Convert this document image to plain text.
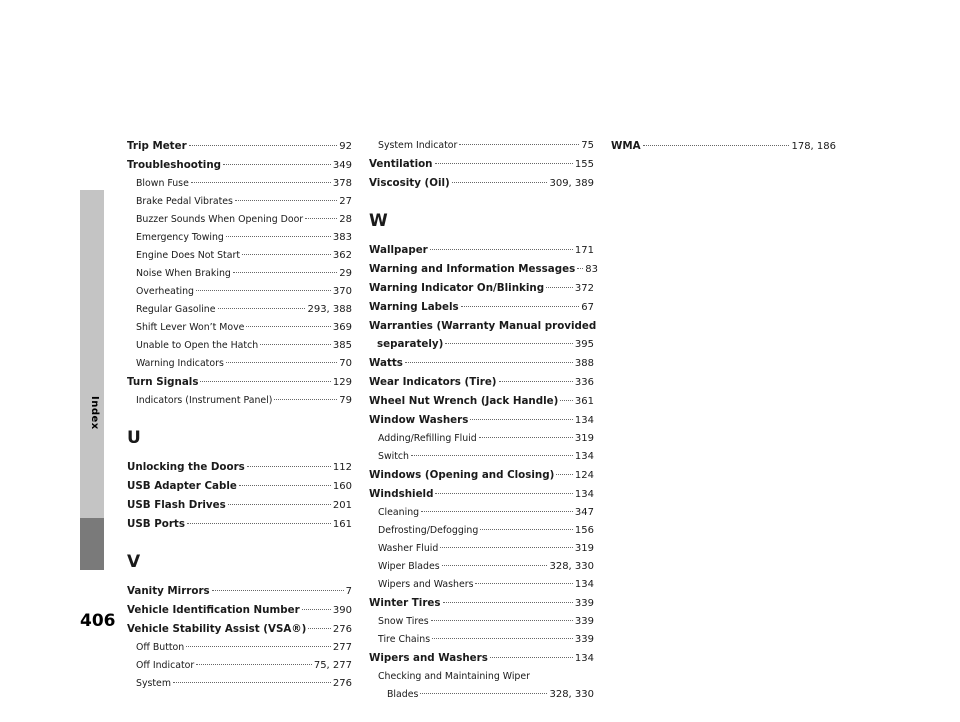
Index
406
Trip Meter	92
Troubleshooting	349
Blown Fuse	378
Brake Pedal Vibrates	27
Buzzer Sounds When Opening Door	28
Emergency Towing	383
Engine Does Not Start	362
Noise When Braking	29
Overheating	370
Regular Gasoline	293, 388
Shift Lever Won’t Move	369
Unable to Open the Hatch	385
Warning Indicators	70
Turn Signals	129
Indicators (Instrument Panel)	79
U
Unlocking the Doors	112
USB Adapter Cable	160
USB Flash Drives	201
USB Ports	161
V
Vanity Mirrors	7
Vehicle Identification Number	390
Vehicle Stability Assist (VSA®)	276
Off Button	277
Off Indicator	75, 277
System	276
System Indicator	75
Ventilation	155
Viscosity (Oil)	309, 389
W
Wallpaper	171
Warning and Information Messages 83
Warning Indicator On/Blinking	372
Warning Labels	67
Warranties (Warranty Manual provided
separately)	395
Watts	388
Wear Indicators (Tire)	336
Wheel Nut Wrench (Jack Handle) 361
Window Washers	134
Adding/Refilling Fluid	319
Switch	134
Windows (Opening and Closing) 124
Windshield	134
Cleaning	347
Defrosting/Defogging	156
Washer Fluid	319
Wiper Blades	328, 330
Wipers and Washers	134
Winter Tires	339
Snow Tires	339
Tire Chains	339
Wipers and Washers	134
Checking and Maintaining Wiper
Blades	328, 330
WMA	178, 186
